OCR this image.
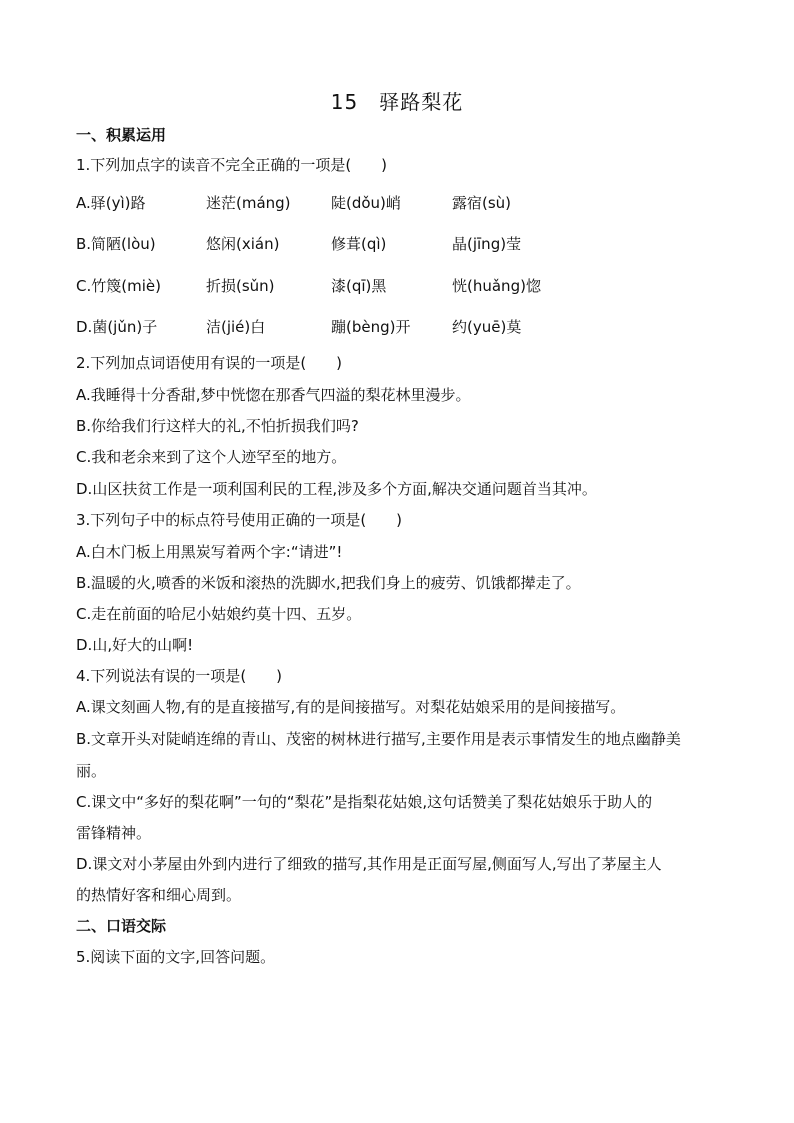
15　驿路梨花
一、积累运用
1.下列加点字的读音不完全正确的一项是(　　)
A.驿(yì)路	迷茫(máng)	陡(dǒu)峭	露宿(sù)
B.简陋(lòu)	悠闲(xián)	修葺(qì)	晶(jīng)莹
C.竹篾(miè)	折损(sǔn)	漆(qī)黑	恍(huǎng)惚
D.菌(jǔn)子	洁(jié)白	蹦(bèng)开	约(yuē)莫
2.下列加点词语使用有误的一项是(　　)
A.我睡得十分香甜,梦中恍惚在那香气四溢的梨花林里漫步。
B.你给我们行这样大的礼,不怕折损我们吗?
C.我和老余来到了这个人迹罕至的地方。
D.山区扶贫工作是一项利国利民的工程,涉及多个方面,解决交通问题首当其冲。
3.下列句子中的标点符号使用正确的一项是(　　)
A.白木门板上用黑炭写着两个字:“请进”!
B.温暖的火,喷香的米饭和滚热的洗脚水,把我们身上的疲劳、饥饿都撵走了。
C.走在前面的哈尼小姑娘约莫十四、五岁。
D.山,好大的山啊!
4.下列说法有误的一项是(　　)
A.课文刻画人物,有的是直接描写,有的是间接描写。对梨花姑娘采用的是间接描写。
B.文章开头对陡峭连绵的青山、茂密的树林进行描写,主要作用是表示事情发生的地点幽静美
丽。
C.课文中“多好的梨花啊”一句的“梨花”是指梨花姑娘,这句话赞美了梨花姑娘乐于助人的
雷锋精神。
D.课文对小茅屋由外到内进行了细致的描写,其作用是正面写屋,侧面写人,写出了茅屋主人
的热情好客和细心周到。
二、口语交际
5.阅读下面的文字,回答问题。
